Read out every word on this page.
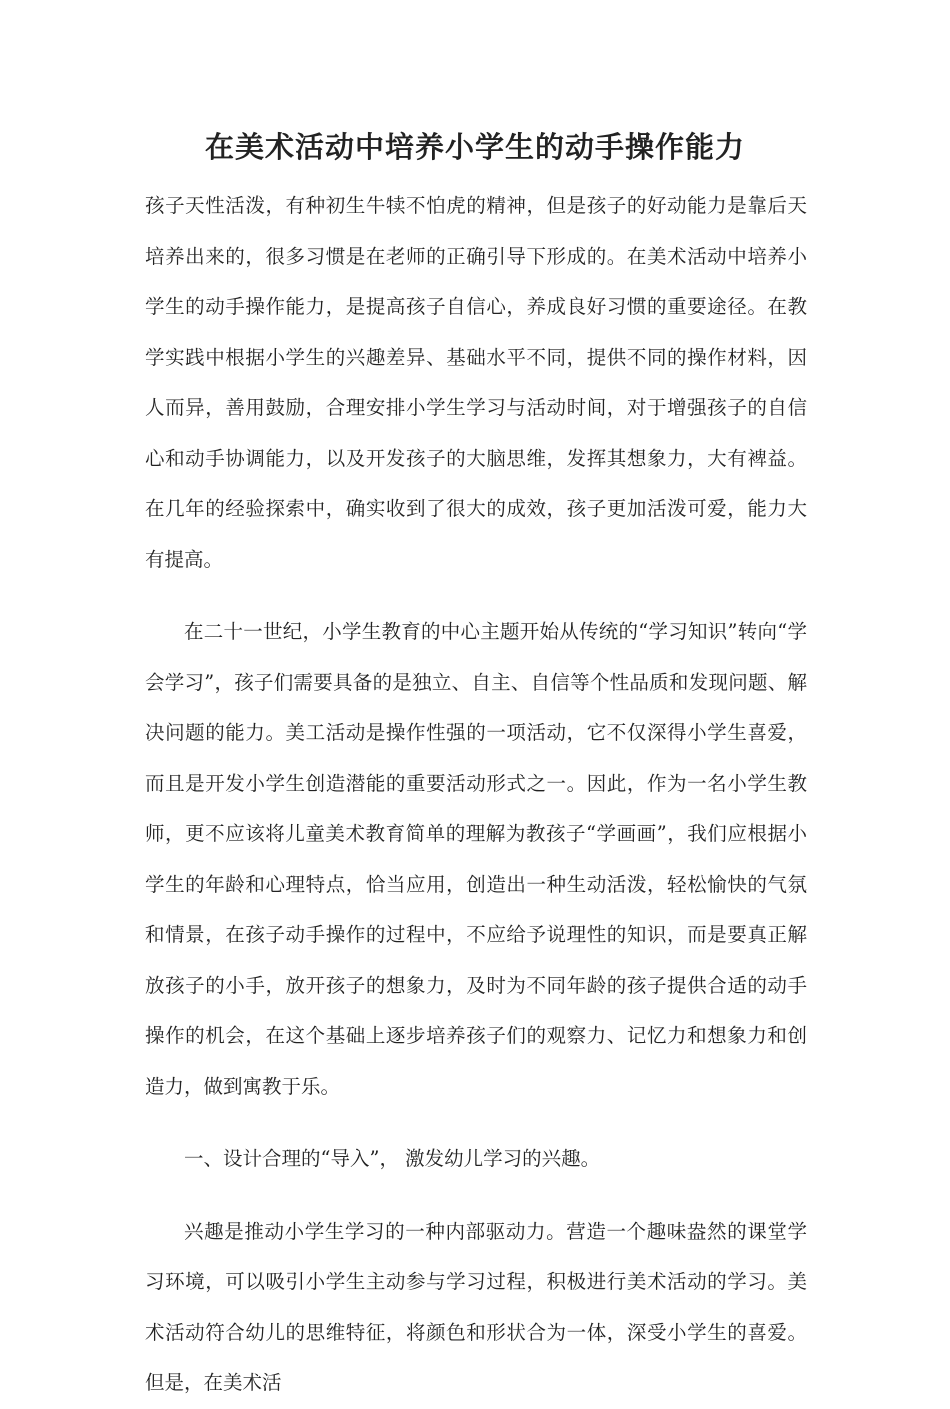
在美术活动中培养小学生的动手操作能力

孩子天性活泼，有种初生牛犊不怕虎的精神，但是孩子的好动能力是靠后天培养出来的，很多习惯是在老师的正确引导下形成的。在美术活动中培养小学生的动手操作能力，是提高孩子自信心，养成良好习惯的重要途径。在教学实践中根据小学生的兴趣差异、基础水平不同，提供不同的操作材料，因人而异，善用鼓励，合理安排小学生学习与活动时间，对于增强孩子的自信心和动手协调能力，以及开发孩子的大脑思维，发挥其想象力，大有裨益。在几年的经验探索中，确实收到了很大的成效，孩子更加活泼可爱，能力大有提高。

在二十一世纪，小学生教育的中心主题开始从传统的“学习知识”转向“学会学习”，孩子们需要具备的是独立、自主、自信等个性品质和发现问题、解决问题的能力。美工活动是操作性强的一项活动，它不仅深得小学生喜爱，而且是开发小学生创造潜能的重要活动形式之一。因此，作为一名小学生教师，更不应该将儿童美术教育简单的理解为教孩子“学画画”，我们应根据小学生的年龄和心理特点，恰当应用，创造出一种生动活泼，轻松愉快的气氛和情景，在孩子动手操作的过程中，不应给予说理性的知识，而是要真正解放孩子的小手，放开孩子的想象力，及时为不同年龄的孩子提供合适的动手操作的机会，在这个基础上逐步培养孩子们的观察力、记忆力和想象力和创造力，做到寓教于乐。

一、设计合理的“导入”， 激发幼儿学习的兴趣。

兴趣是推动小学生学习的一种内部驱动力。营造一个趣味盎然的课堂学习环境，可以吸引小学生主动参与学习过程，积极进行美术活动的学习。美术活动符合幼儿的思维特征，将颜色和形状合为一体，深受小学生的喜爱。但是，在美术活
